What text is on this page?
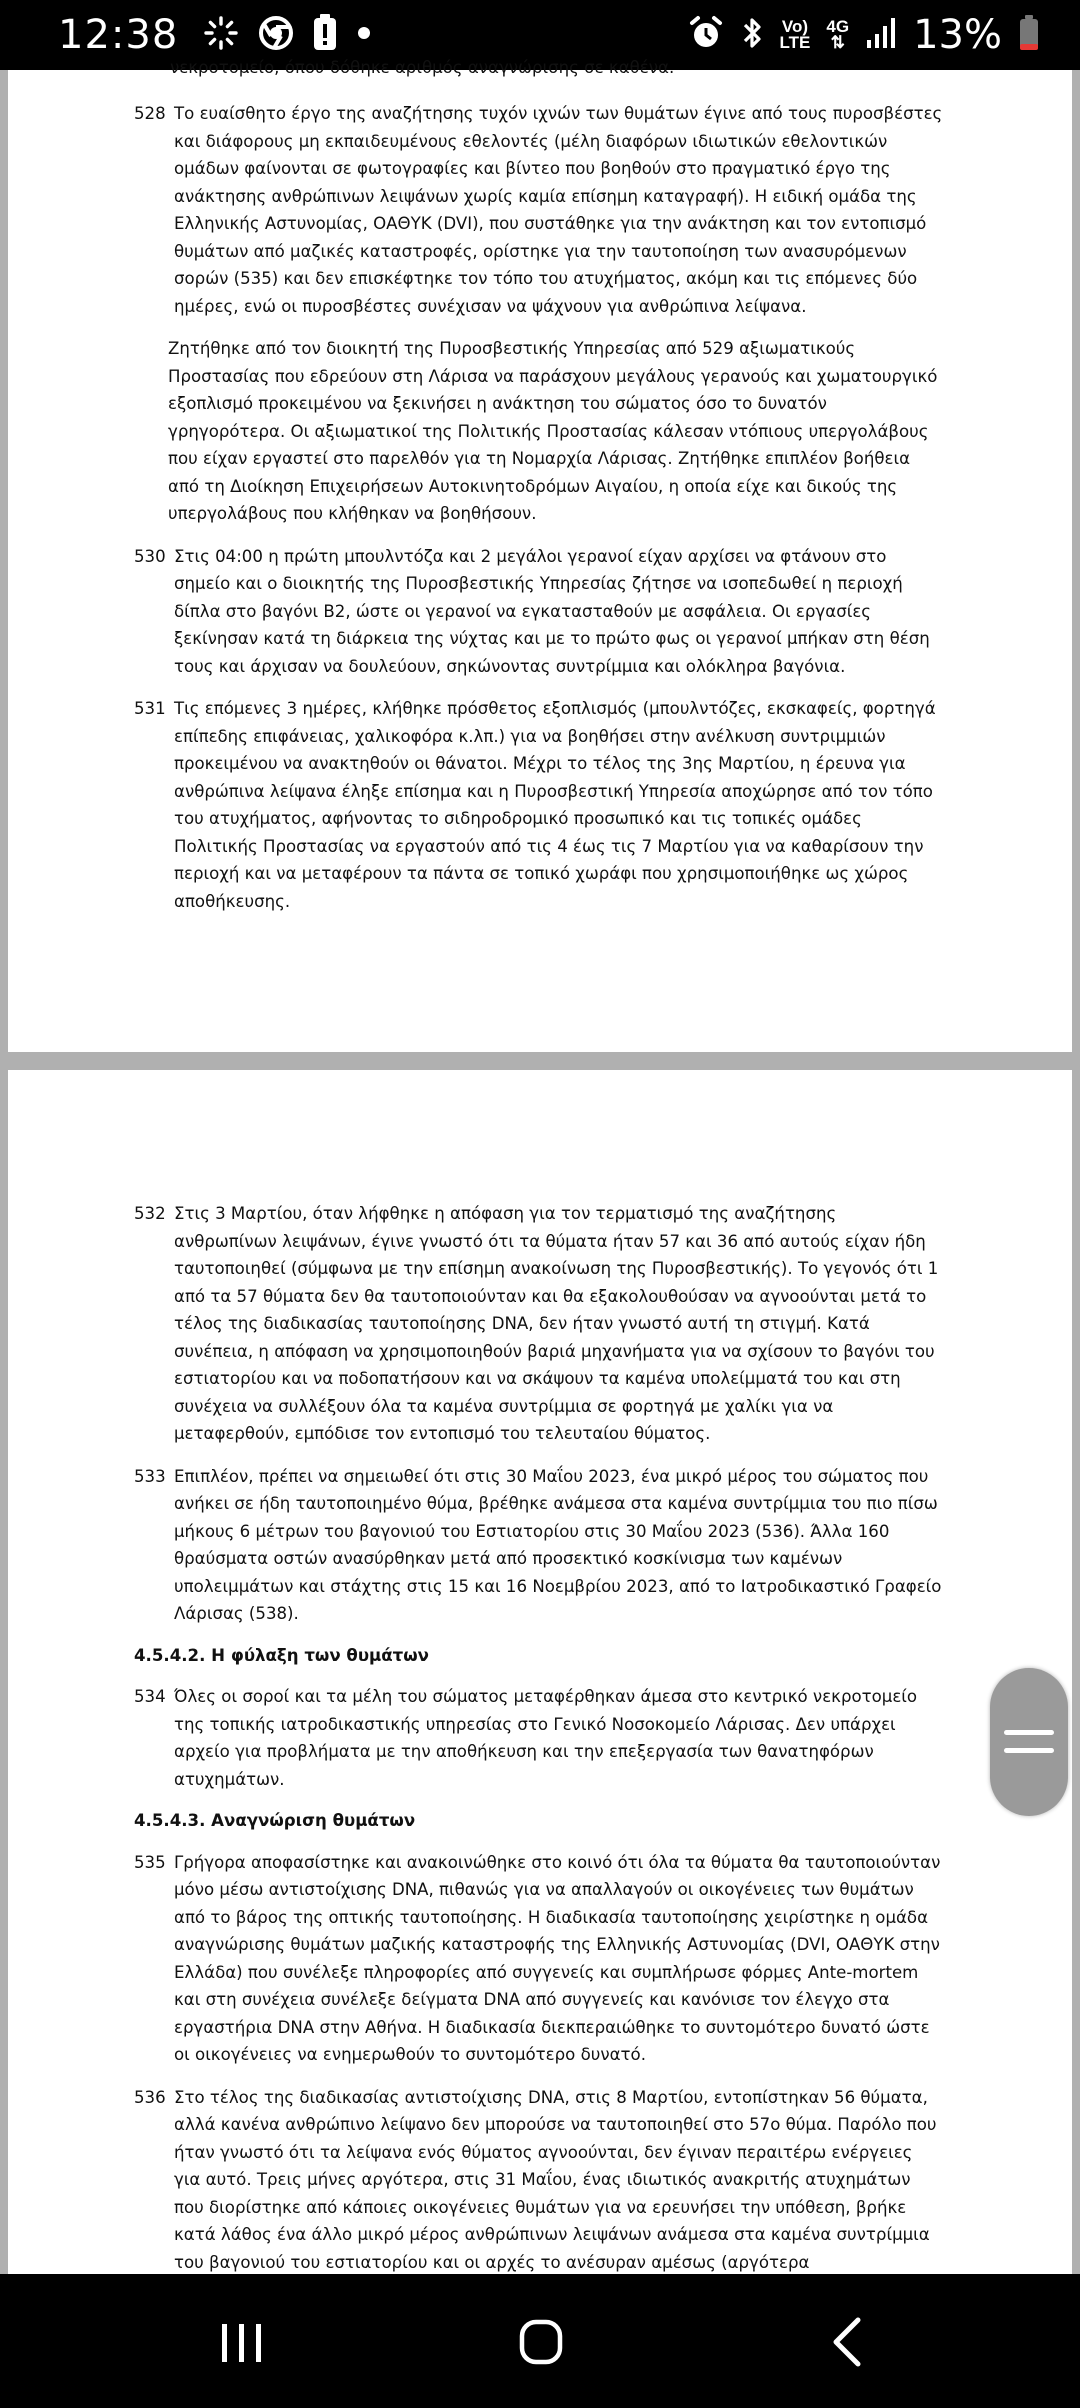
12:38	Vo)
LTE
4G
⇅ 13%

νεκροτομείο, όπου δόθηκε αριθμός αναγνώρισης σε καθένα.

528 Το ευαίσθητο έργο της αναζήτησης τυχόν ιχνών των θυμάτων έγινε από τους πυροσβέστες και διάφορους μη εκπαιδευμένους εθελοντές (μέλη διαφόρων ιδιωτικών εθελοντικών ομάδων φαίνονται σε φωτογραφίες και βίντεο που βοηθούν στο πραγματικό έργο της ανάκτησης ανθρώπινων λειψάνων χωρίς καμία επίσημη καταγραφή). Η ειδική ομάδα της Ελληνικής Αστυνομίας, ΟΑΘΥΚ (DVI), που συστάθηκε για την ανάκτηση και τον εντοπισμό θυμάτων από μαζικές καταστροφές, ορίστηκε για την ταυτοποίηση των ανασυρόμενων σορών (535) και δεν επισκέφτηκε τον τόπο του ατυχήματος, ακόμη και τις επόμενες δύο ημέρες, ενώ οι πυροσβέστες συνέχισαν να ψάχνουν για ανθρώπινα λείψανα.
Ζητήθηκε από τον διοικητή της Πυροσβεστικής Υπηρεσίας από 529 αξιωματικούς Προστασίας που εδρεύουν στη Λάρισα να παράσχουν μεγάλους γερανούς και χωματουργικό εξοπλισμό προκειμένου να ξεκινήσει η ανάκτηση του σώματος όσο το δυνατόν γρηγορότερα. Οι αξιωματικοί της Πολιτικής Προστασίας κάλεσαν ντόπιους υπεργολάβους που είχαν εργαστεί στο παρελθόν για τη Νομαρχία Λάρισας. Ζητήθηκε επιπλέον βοήθεια από τη Διοίκηση Επιχειρήσεων Αυτοκινητοδρόμων Αιγαίου, η οποία είχε και δικούς της υπεργολάβους που κλήθηκαν να βοηθήσουν.
530 Στις 04:00 η πρώτη μπουλντόζα και 2 μεγάλοι γερανοί είχαν αρχίσει να φτάνουν στο σημείο και ο διοικητής της Πυροσβεστικής Υπηρεσίας ζήτησε να ισοπεδωθεί η περιοχή δίπλα στο βαγόνι Β2, ώστε οι γερανοί να εγκατασταθούν με ασφάλεια. Οι εργασίες ξεκίνησαν κατά τη διάρκεια της νύχτας και με το πρώτο φως οι γερανοί μπήκαν στη θέση τους και άρχισαν να δουλεύουν, σηκώνοντας συντρίμμια και ολόκληρα βαγόνια.
531 Τις επόμενες 3 ημέρες, κλήθηκε πρόσθετος εξοπλισμός (μπουλντόζες, εκσκαφείς, φορτηγά επίπεδης επιφάνειας, χαλικοφόρα κ.λπ.) για να βοηθήσει στην ανέλκυση συντριμμιών προκειμένου να ανακτηθούν οι θάνατοι. Μέχρι το τέλος της 3ης Μαρτίου, η έρευνα για ανθρώπινα λείψανα έληξε επίσημα και η Πυροσβεστική Υπηρεσία αποχώρησε από τον τόπο του ατυχήματος, αφήνοντας το σιδηροδρομικό προσωπικό και τις τοπικές ομάδες Πολιτικής Προστασίας να εργαστούν από τις 4 έως τις 7 Μαρτίου για να καθαρίσουν την περιοχή και να μεταφέρουν τα πάντα σε τοπικό χωράφι που χρησιμοποιήθηκε ως χώρος αποθήκευσης.
532 Στις 3 Μαρτίου, όταν λήφθηκε η απόφαση για τον τερματισμό της αναζήτησης ανθρωπίνων λειψάνων, έγινε γνωστό ότι τα θύματα ήταν 57 και 36 από αυτούς είχαν ήδη ταυτοποιηθεί (σύμφωνα με την επίσημη ανακοίνωση της Πυροσβεστικής). Το γεγονός ότι 1 από τα 57 θύματα δεν θα ταυτοποιούνταν και θα εξακολουθούσαν να αγνοούνται μετά το τέλος της διαδικασίας ταυτοποίησης DNA, δεν ήταν γνωστό αυτή τη στιγμή. Κατά συνέπεια, η απόφαση να χρησιμοποιηθούν βαριά μηχανήματα για να σχίσουν το βαγόνι του εστιατορίου και να ποδοπατήσουν και να σκάψουν τα καμένα υπολείμματά του και στη συνέχεια να συλλέξουν όλα τα καμένα συντρίμμια σε φορτηγά με χαλίκι για να μεταφερθούν, εμπόδισε τον εντοπισμό του τελευταίου θύματος.
533 Επιπλέον, πρέπει να σημειωθεί ότι στις 30 Μαΐου 2023, ένα μικρό μέρος του σώματος που ανήκει σε ήδη ταυτοποιημένο θύμα, βρέθηκε ανάμεσα στα καμένα συντρίμμια του πιο πίσω μήκους 6 μέτρων του βαγονιού του Εστιατορίου στις 30 Μαΐου 2023 (536). Άλλα 160 θραύσματα οστών ανασύρθηκαν μετά από προσεκτικό κοσκίνισμα των καμένων υπολειμμάτων και στάχτης στις 15 και 16 Νοεμβρίου 2023, από το Ιατροδικαστικό Γραφείο Λάρισας (538).

4.5.4.2. Η φύλαξη των θυμάτων

534 Όλες οι σοροί και τα μέλη του σώματος μεταφέρθηκαν άμεσα στο κεντρικό νεκροτομείο της τοπικής ιατροδικαστικής υπηρεσίας στο Γενικό Νοσοκομείο Λάρισας. Δεν υπάρχει αρχείο για προβλήματα με την αποθήκευση και την επεξεργασία των θανατηφόρων ατυχημάτων.

4.5.4.3. Αναγνώριση θυμάτων

535 Γρήγορα αποφασίστηκε και ανακοινώθηκε στο κοινό ότι όλα τα θύματα θα ταυτοποιούνταν μόνο μέσω αντιστοίχισης DNA, πιθανώς για να απαλλαγούν οι οικογένειες των θυμάτων από το βάρος της οπτικής ταυτοποίησης. Η διαδικασία ταυτοποίησης χειρίστηκε η ομάδα αναγνώρισης θυμάτων μαζικής καταστροφής της Ελληνικής Αστυνομίας (DVI, ΟΑΘΥΚ στην Ελλάδα) που συνέλεξε πληροφορίες από συγγενείς και συμπλήρωσε φόρμες Ante-mortem και στη συνέχεια συνέλεξε δείγματα DNA από συγγενείς και κανόνισε τον έλεγχο στα εργαστήρια DNA στην Αθήνα. Η διαδικασία διεκπεραιώθηκε το συντομότερο δυνατό ώστε οι οικογένειες να ενημερωθούν το συντομότερο δυνατό.
536 Στο τέλος της διαδικασίας αντιστοίχισης DNA, στις 8 Μαρτίου, εντοπίστηκαν 56 θύματα, αλλά κανένα ανθρώπινο λείψανο δεν μπορούσε να ταυτοποιηθεί στο 57ο θύμα. Παρόλο που ήταν γνωστό ότι τα λείψανα ενός θύματος αγνοούνται, δεν έγιναν περαιτέρω ενέργειες για αυτό. Τρεις μήνες αργότερα, στις 31 Μαΐου, ένας ιδιωτικός ανακριτής ατυχημάτων που διορίστηκε από κάποιες οικογένειες θυμάτων για να ερευνήσει την υπόθεση, βρήκε κατά λάθος ένα άλλο μικρό μέρος ανθρώπινων λειψάνων ανάμεσα στα καμένα συντρίμμια του βαγονιού του εστιατορίου και οι αρχές το ανέσυραν αμέσως (αργότερα
